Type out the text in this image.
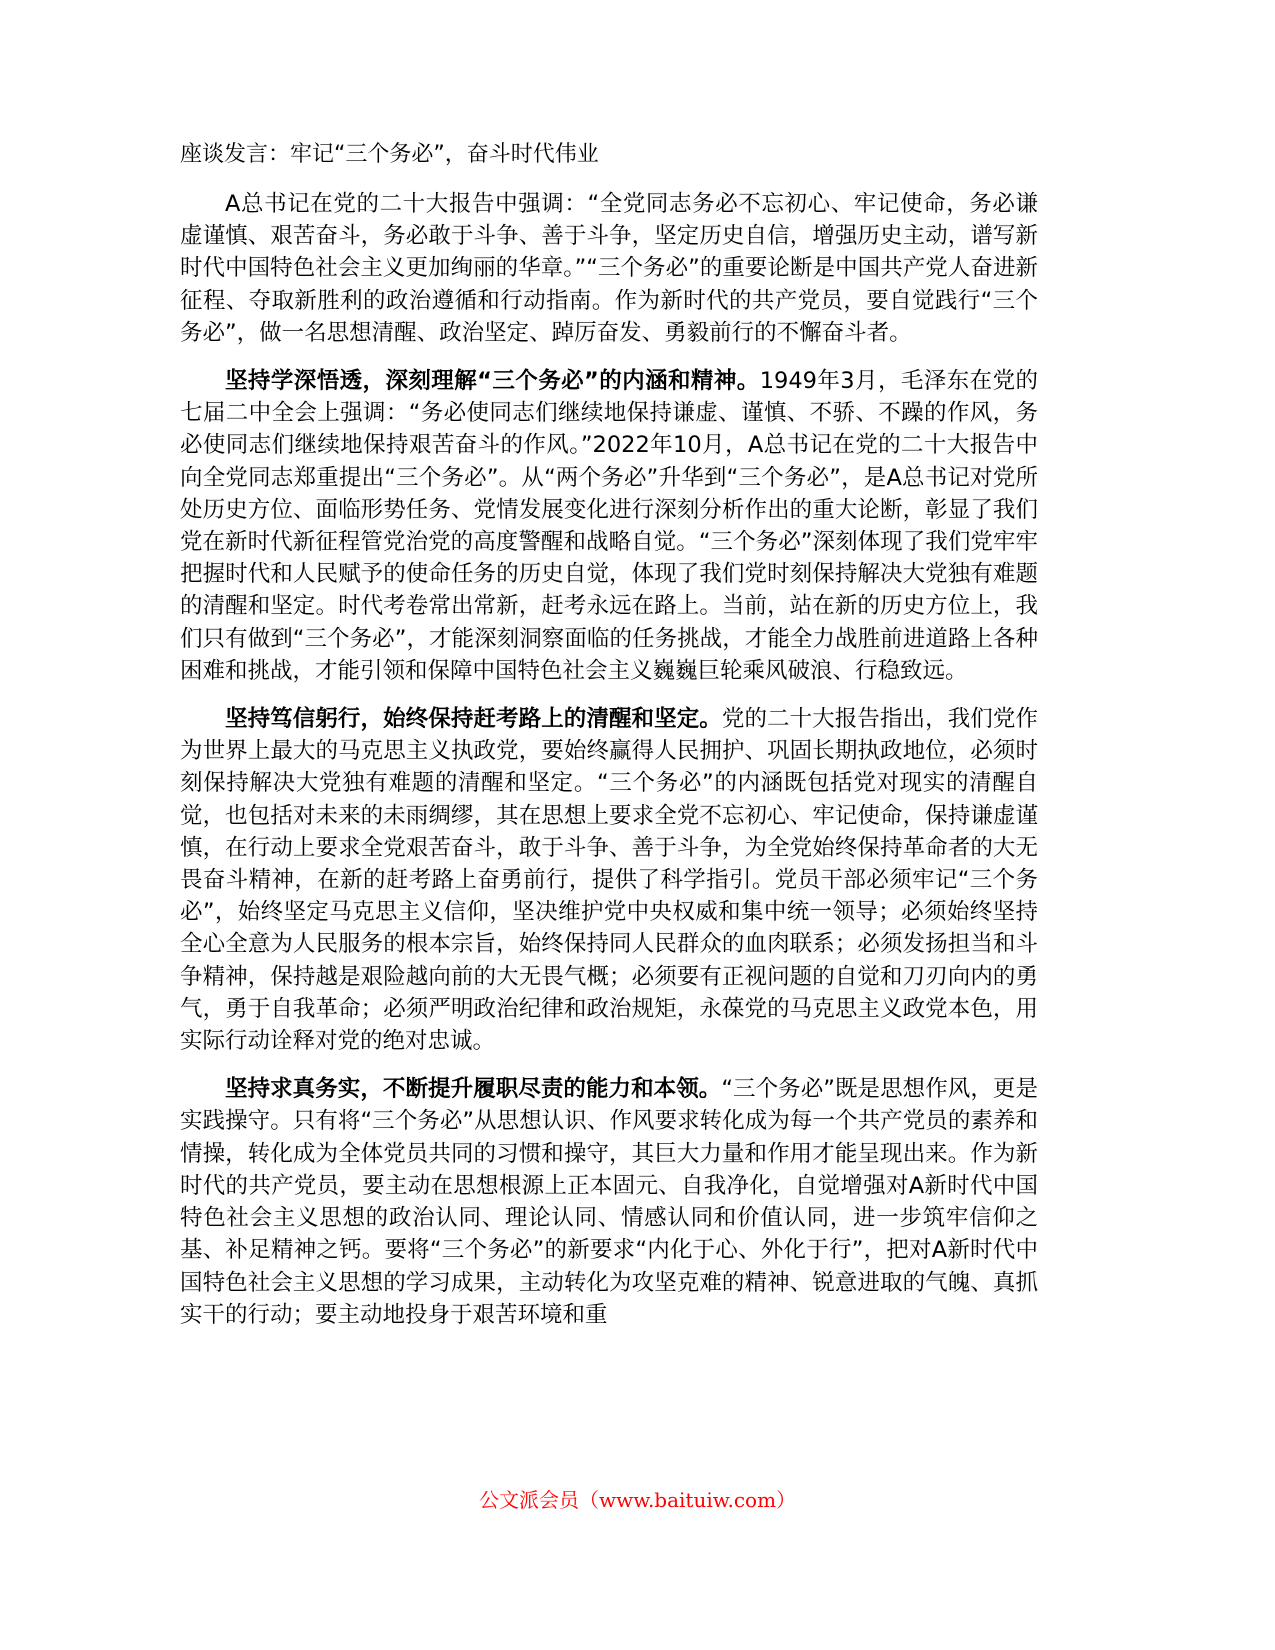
座谈发言：牢记“三个务必”，奋斗时代伟业

A总书记在党的二十大报告中强调：“全党同志务必不忘初心、牢记使命，务必谦虚谨慎、艰苦奋斗，务必敢于斗争、善于斗争，坚定历史自信，增强历史主动，谱写新时代中国特色社会主义更加绚丽的华章。”“三个务必”的重要论断是中国共产党人奋进新征程、夺取新胜利的政治遵循和行动指南。作为新时代的共产党员，要自觉践行“三个务必”，做一名思想清醒、政治坚定、踔厉奋发、勇毅前行的不懈奋斗者。

坚持学深悟透，深刻理解“三个务必”的内涵和精神。1949年3月，毛泽东在党的七届二中全会上强调：“务必使同志们继续地保持谦虚、谨慎、不骄、不躁的作风，务必使同志们继续地保持艰苦奋斗的作风。”2022年10月，A总书记在党的二十大报告中向全党同志郑重提出“三个务必”。从“两个务必”升华到“三个务必”，是A总书记对党所处历史方位、面临形势任务、党情发展变化进行深刻分析作出的重大论断，彰显了我们党在新时代新征程管党治党的高度警醒和战略自觉。“三个务必”深刻体现了我们党牢牢把握时代和人民赋予的使命任务的历史自觉，体现了我们党时刻保持解决大党独有难题的清醒和坚定。时代考卷常出常新，赶考永远在路上。当前，站在新的历史方位上，我们只有做到“三个务必”，才能深刻洞察面临的任务挑战，才能全力战胜前进道路上各种困难和挑战，才能引领和保障中国特色社会主义巍巍巨轮乘风破浪、行稳致远。

坚持笃信躬行，始终保持赶考路上的清醒和坚定。党的二十大报告指出，我们党作为世界上最大的马克思主义执政党，要始终赢得人民拥护、巩固长期执政地位，必须时刻保持解决大党独有难题的清醒和坚定。“三个务必”的内涵既包括党对现实的清醒自觉，也包括对未来的未雨绸缪，其在思想上要求全党不忘初心、牢记使命，保持谦虚谨慎，在行动上要求全党艰苦奋斗，敢于斗争、善于斗争，为全党始终保持革命者的大无畏奋斗精神，在新的赶考路上奋勇前行，提供了科学指引。党员干部必须牢记“三个务必”，始终坚定马克思主义信仰，坚决维护党中央权威和集中统一领导；必须始终坚持全心全意为人民服务的根本宗旨，始终保持同人民群众的血肉联系；必须发扬担当和斗争精神，保持越是艰险越向前的大无畏气概；必须要有正视问题的自觉和刀刃向内的勇气，勇于自我革命；必须严明政治纪律和政治规矩，永葆党的马克思主义政党本色，用实际行动诠释对党的绝对忠诚。

坚持求真务实，不断提升履职尽责的能力和本领。“三个务必”既是思想作风，更是实践操守。只有将“三个务必”从思想认识、作风要求转化成为每一个共产党员的素养和情操，转化成为全体党员共同的习惯和操守，其巨大力量和作用才能呈现出来。作为新时代的共产党员，要主动在思想根源上正本固元、自我净化，自觉增强对A新时代中国特色社会主义思想的政治认同、理论认同、情感认同和价值认同，进一步筑牢信仰之基、补足精神之钙。要将“三个务必”的新要求“内化于心、外化于行”，把对A新时代中国特色社会主义思想的学习成果，主动转化为攻坚克难的精神、锐意进取的气魄、真抓实干的行动；要主动地投身于艰苦环境和重

公文派会员（www.baituiw.com）
